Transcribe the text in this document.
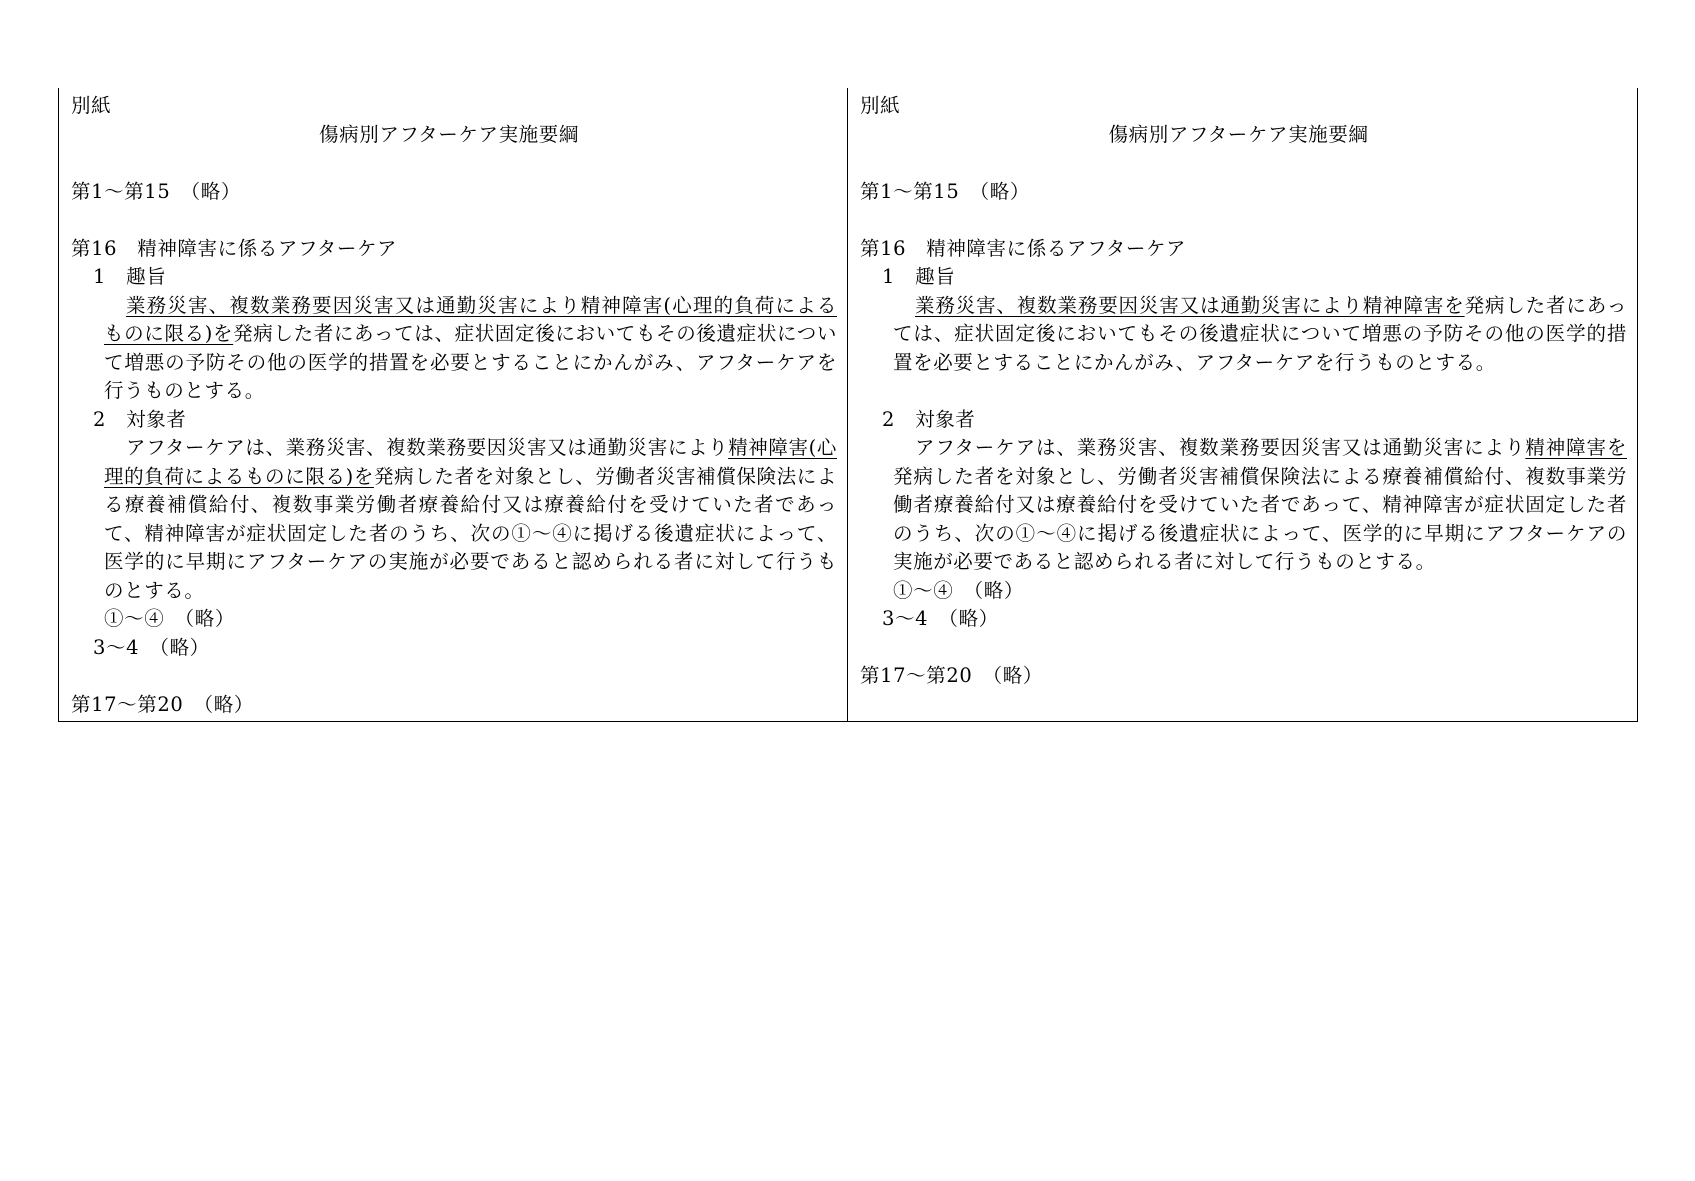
別紙
傷病別アフターケア実施要綱
第1～第15　（略）
第16　精神障害に係るアフターケア
1　趣旨
業務災害、複数業務要因災害又は通勤災害により精神障害(心理的負荷によるものに限る)を発病した者にあっては、症状固定後においてもその後遺症状について増悪の予防その他の医学的措置を必要とすることにかんがみ、アフターケアを行うものとする。
2　対象者
アフターケアは、業務災害、複数業務要因災害又は通勤災害により精神障害(心理的負荷によるものに限る)を発病した者を対象とし、労働者災害補償保険法による療養補償給付、複数事業労働者療養給付又は療養給付を受けていた者であって、精神障害が症状固定した者のうち、次の①～④に掲げる後遺症状によって、医学的に早期にアフターケアの実施が必要であると認められる者に対して行うものとする。
①～④　（略）
3～4　（略）
第17～第20　（略）
別紙
傷病別アフターケア実施要綱
第1～第15　（略）
第16　精神障害に係るアフターケア
1　趣旨
業務災害、複数業務要因災害又は通勤災害により精神障害を発病した者にあっては、症状固定後においてもその後遺症状について増悪の予防その他の医学的措置を必要とすることにかんがみ、アフターケアを行うものとする。
2　対象者
アフターケアは、業務災害、複数業務要因災害又は通勤災害により精神障害を発病した者を対象とし、労働者災害補償保険法による療養補償給付、複数事業労働者療養給付又は療養給付を受けていた者であって、精神障害が症状固定した者のうち、次の①～④に掲げる後遺症状によって、医学的に早期にアフターケアの実施が必要であると認められる者に対して行うものとする。
①～④　（略）
3～4　（略）
第17～第20　（略）
